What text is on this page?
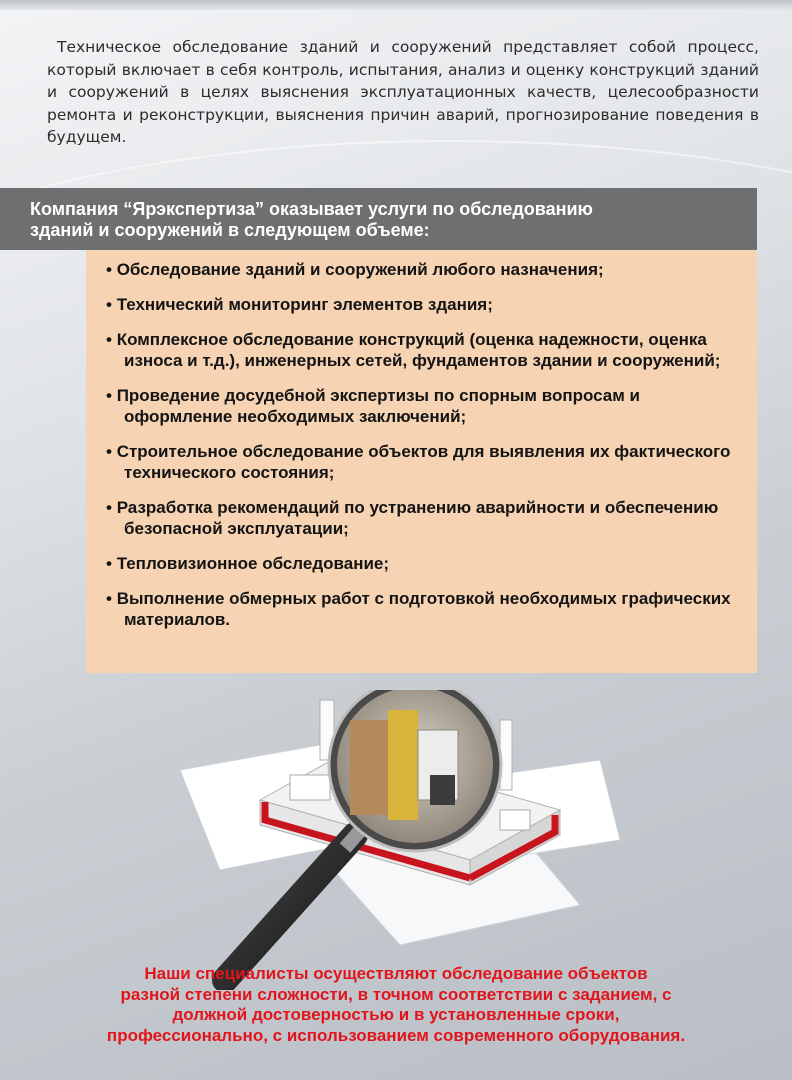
Техническое обследование зданий и сооружений представляет собой процесс, который включает в себя контроль, испытания, анализ и оценку конструкций зданий и сооружений в целях выяснения эксплуатационных качеств, целесообразности ремонта и реконструкции, выяснения причин аварий, прогнозирование поведения в будущем.

Компания “Ярэкспертиза” оказывает услуги по обследованию
зданий и сооружений в следующем объеме:
• Обследование зданий и сооружений любого назначения;
• Технический мониторинг элементов здания;
• Комплексное обследование конструкций (оценка надежности, оценка износа и т.д.), инженерных сетей, фундаментов здании и сооружений;
• Проведение досудебной экспертизы по спорным вопросам и оформление необходимых заключений;
• Строительное обследование объектов для выявления их фактического технического состояния;
• Разработка рекомендаций по устранению аварийности и обеспечению безопасной эксплуатации;
• Тепловизионное обследование;
• Выполнение обмерных работ с подготовкой необходимых графических материалов.
Наши специалисты осуществляют обследование объектов
разной степени сложности, в точном соответствии с заданием, с
должной достоверностью и в установленные сроки,
профессионально, с использованием современного оборудования.
